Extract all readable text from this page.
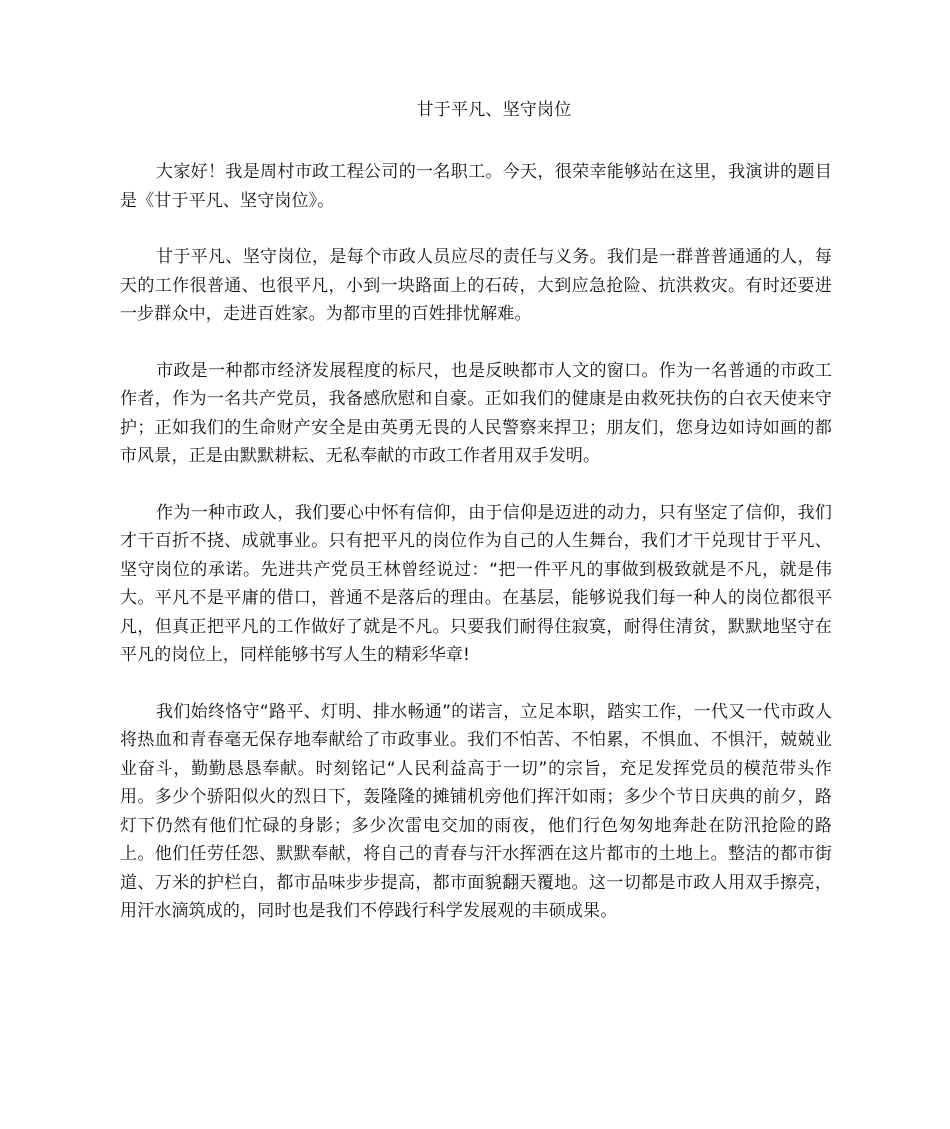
甘于平凡、坚守岗位

大家好！我是周村市政工程公司的一名职工。今天，很荣幸能够站在这里，我演讲的题目是《甘于平凡、坚守岗位》。

甘于平凡、坚守岗位，是每个市政人员应尽的责任与义务。我们是一群普普通通的人，每天的工作很普通、也很平凡，小到一块路面上的石砖，大到应急抢险、抗洪救灾。有时还要进一步群众中，走进百姓家。为都市里的百姓排忧解难。

市政是一种都市经济发展程度的标尺，也是反映都市人文的窗口。作为一名普通的市政工作者，作为一名共产党员，我备感欣慰和自豪。正如我们的健康是由救死扶伤的白衣天使来守护；正如我们的生命财产安全是由英勇无畏的人民警察来捍卫；朋友们，您身边如诗如画的都市风景，正是由默默耕耘、无私奉献的市政工作者用双手发明。

作为一种市政人，我们要心中怀有信仰，由于信仰是迈进的动力，只有坚定了信仰，我们才干百折不挠、成就事业。只有把平凡的岗位作为自己的人生舞台，我们才干兑现甘于平凡、坚守岗位的承诺。先进共产党员王林曾经说过：“把一件平凡的事做到极致就是不凡，就是伟大。平凡不是平庸的借口，普通不是落后的理由。在基层，能够说我们每一种人的岗位都很平凡，但真正把平凡的工作做好了就是不凡。只要我们耐得住寂寞，耐得住清贫，默默地坚守在平凡的岗位上，同样能够书写人生的精彩华章!

我们始终恪守“路平、灯明、排水畅通”的诺言，立足本职，踏实工作，一代又一代市政人将热血和青春毫无保存地奉献给了市政事业。我们不怕苦、不怕累，不惧血、不惧汗，兢兢业业奋斗，勤勤恳恳奉献。时刻铭记“人民利益高于一切”的宗旨，充足发挥党员的模范带头作用。多少个骄阳似火的烈日下，轰隆隆的摊铺机旁他们挥汗如雨；多少个节日庆典的前夕，路灯下仍然有他们忙碌的身影；多少次雷电交加的雨夜，他们行色匆匆地奔赴在防汛抢险的路上。他们任劳任怨、默默奉献，将自己的青春与汗水挥洒在这片都市的土地上。整洁的都市街道、万米的护栏白，都市品味步步提高，都市面貌翻天覆地。这一切都是市政人用双手擦亮，用汗水滴筑成的，同时也是我们不停践行科学发展观的丰硕成果。
